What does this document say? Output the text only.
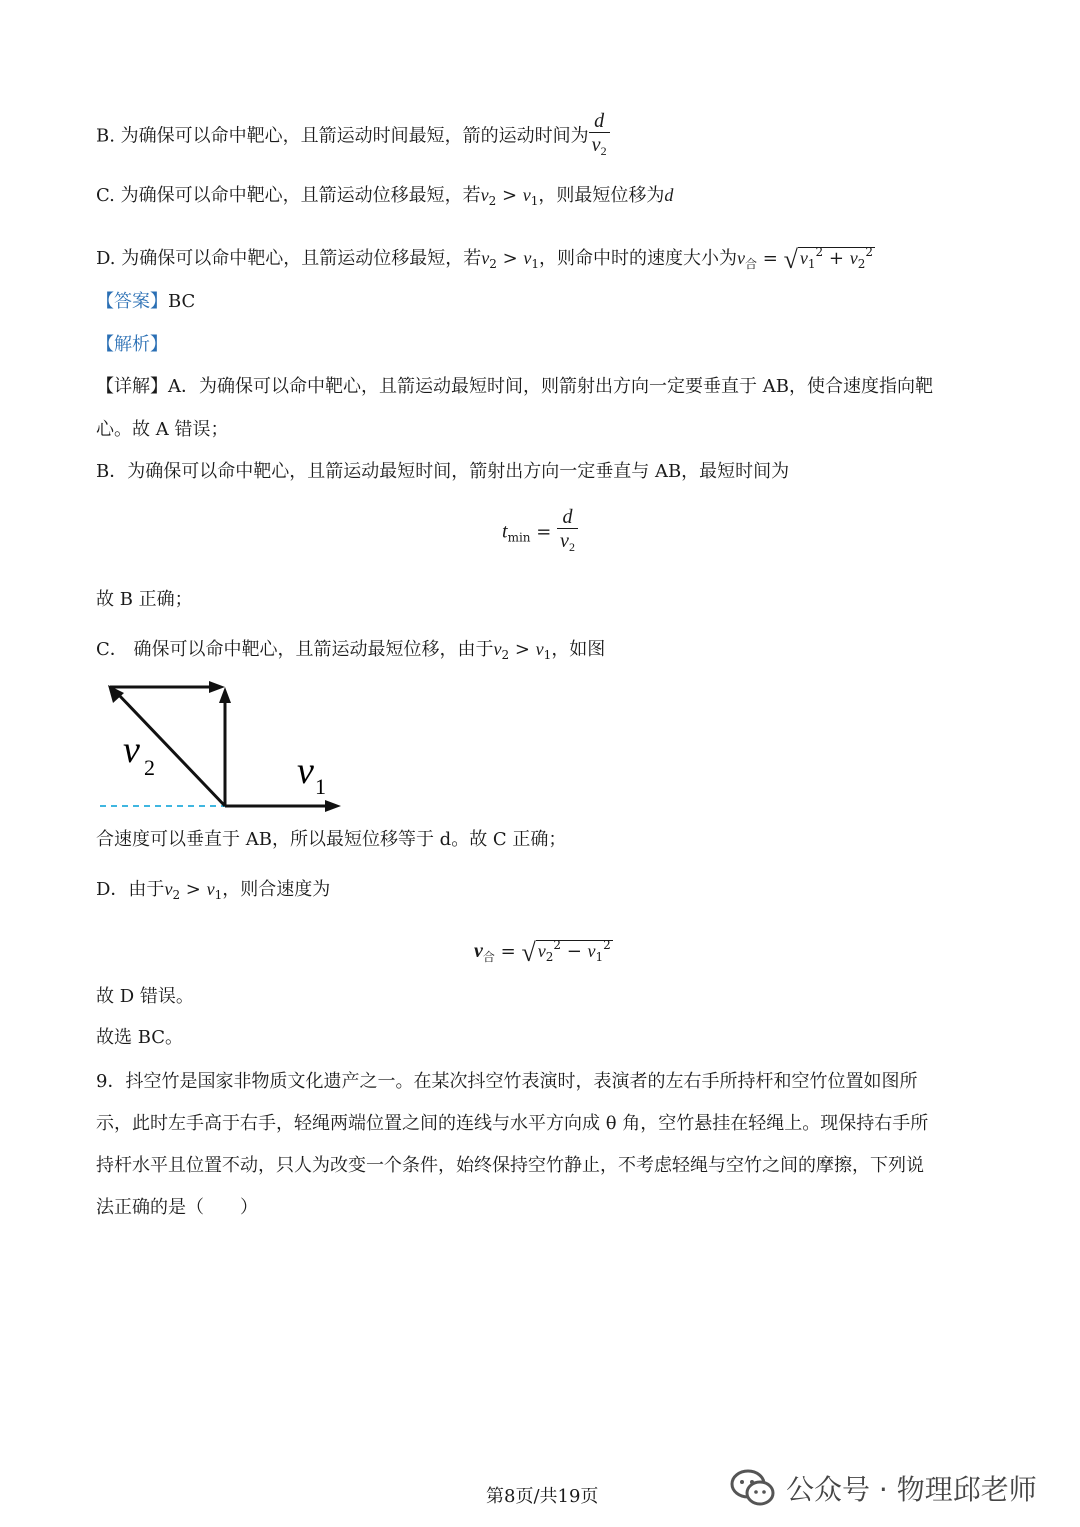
B. 为确保可以命中靶心，且箭运动时间最短，箭的运动时间为 $\frac{d}{v_2}$
C. 为确保可以命中靶心，且箭运动位移最短，若$v_2 > v_1$，则最短位移为d
D. 为确保可以命中靶心，且箭运动位移最短，若$v_2 > v_1$，则命中时的速度大小为$v_合$ = √ $v_1^2 + v_2^2$
【答案】BC
【解析】
【详解】A．为确保可以命中靶心，且箭运动最短时间，则箭射出方向一定要垂直于 AB，使合速度指向靶
心。故 A 错误；
B．为确保可以命中靶心，且箭运动最短时间，箭射出方向一定垂直与 AB，最短时间为
$t_{min} = \frac{d}{v_2}$
故 B 正确；
C． 确保可以命中靶心，且箭运动最短位移，由于$v_2 > v_1$，如图
v 2	v 1
合速度可以垂直于 AB，所以最短位移等于 d。故 C 正确；
D．由于$v_2 > v_1$，则合速度为
$v_合$ = √ $v_2^2 - v_1^2$
故 D 错误。
故选 BC。
9．抖空竹是国家非物质文化遗产之一。在某次抖空竹表演时，表演者的左右手所持杆和空竹位置如图所
示，此时左手高于右手，轻绳两端位置之间的连线与水平方向成 θ 角，空竹悬挂在轻绳上。现保持右手所
持杆水平且位置不动，只人为改变一个条件，始终保持空竹静止，不考虑轻绳与空竹之间的摩擦，下列说
法正确的是（　　）
第8页/共19页	公众号 · 物理邱老师
